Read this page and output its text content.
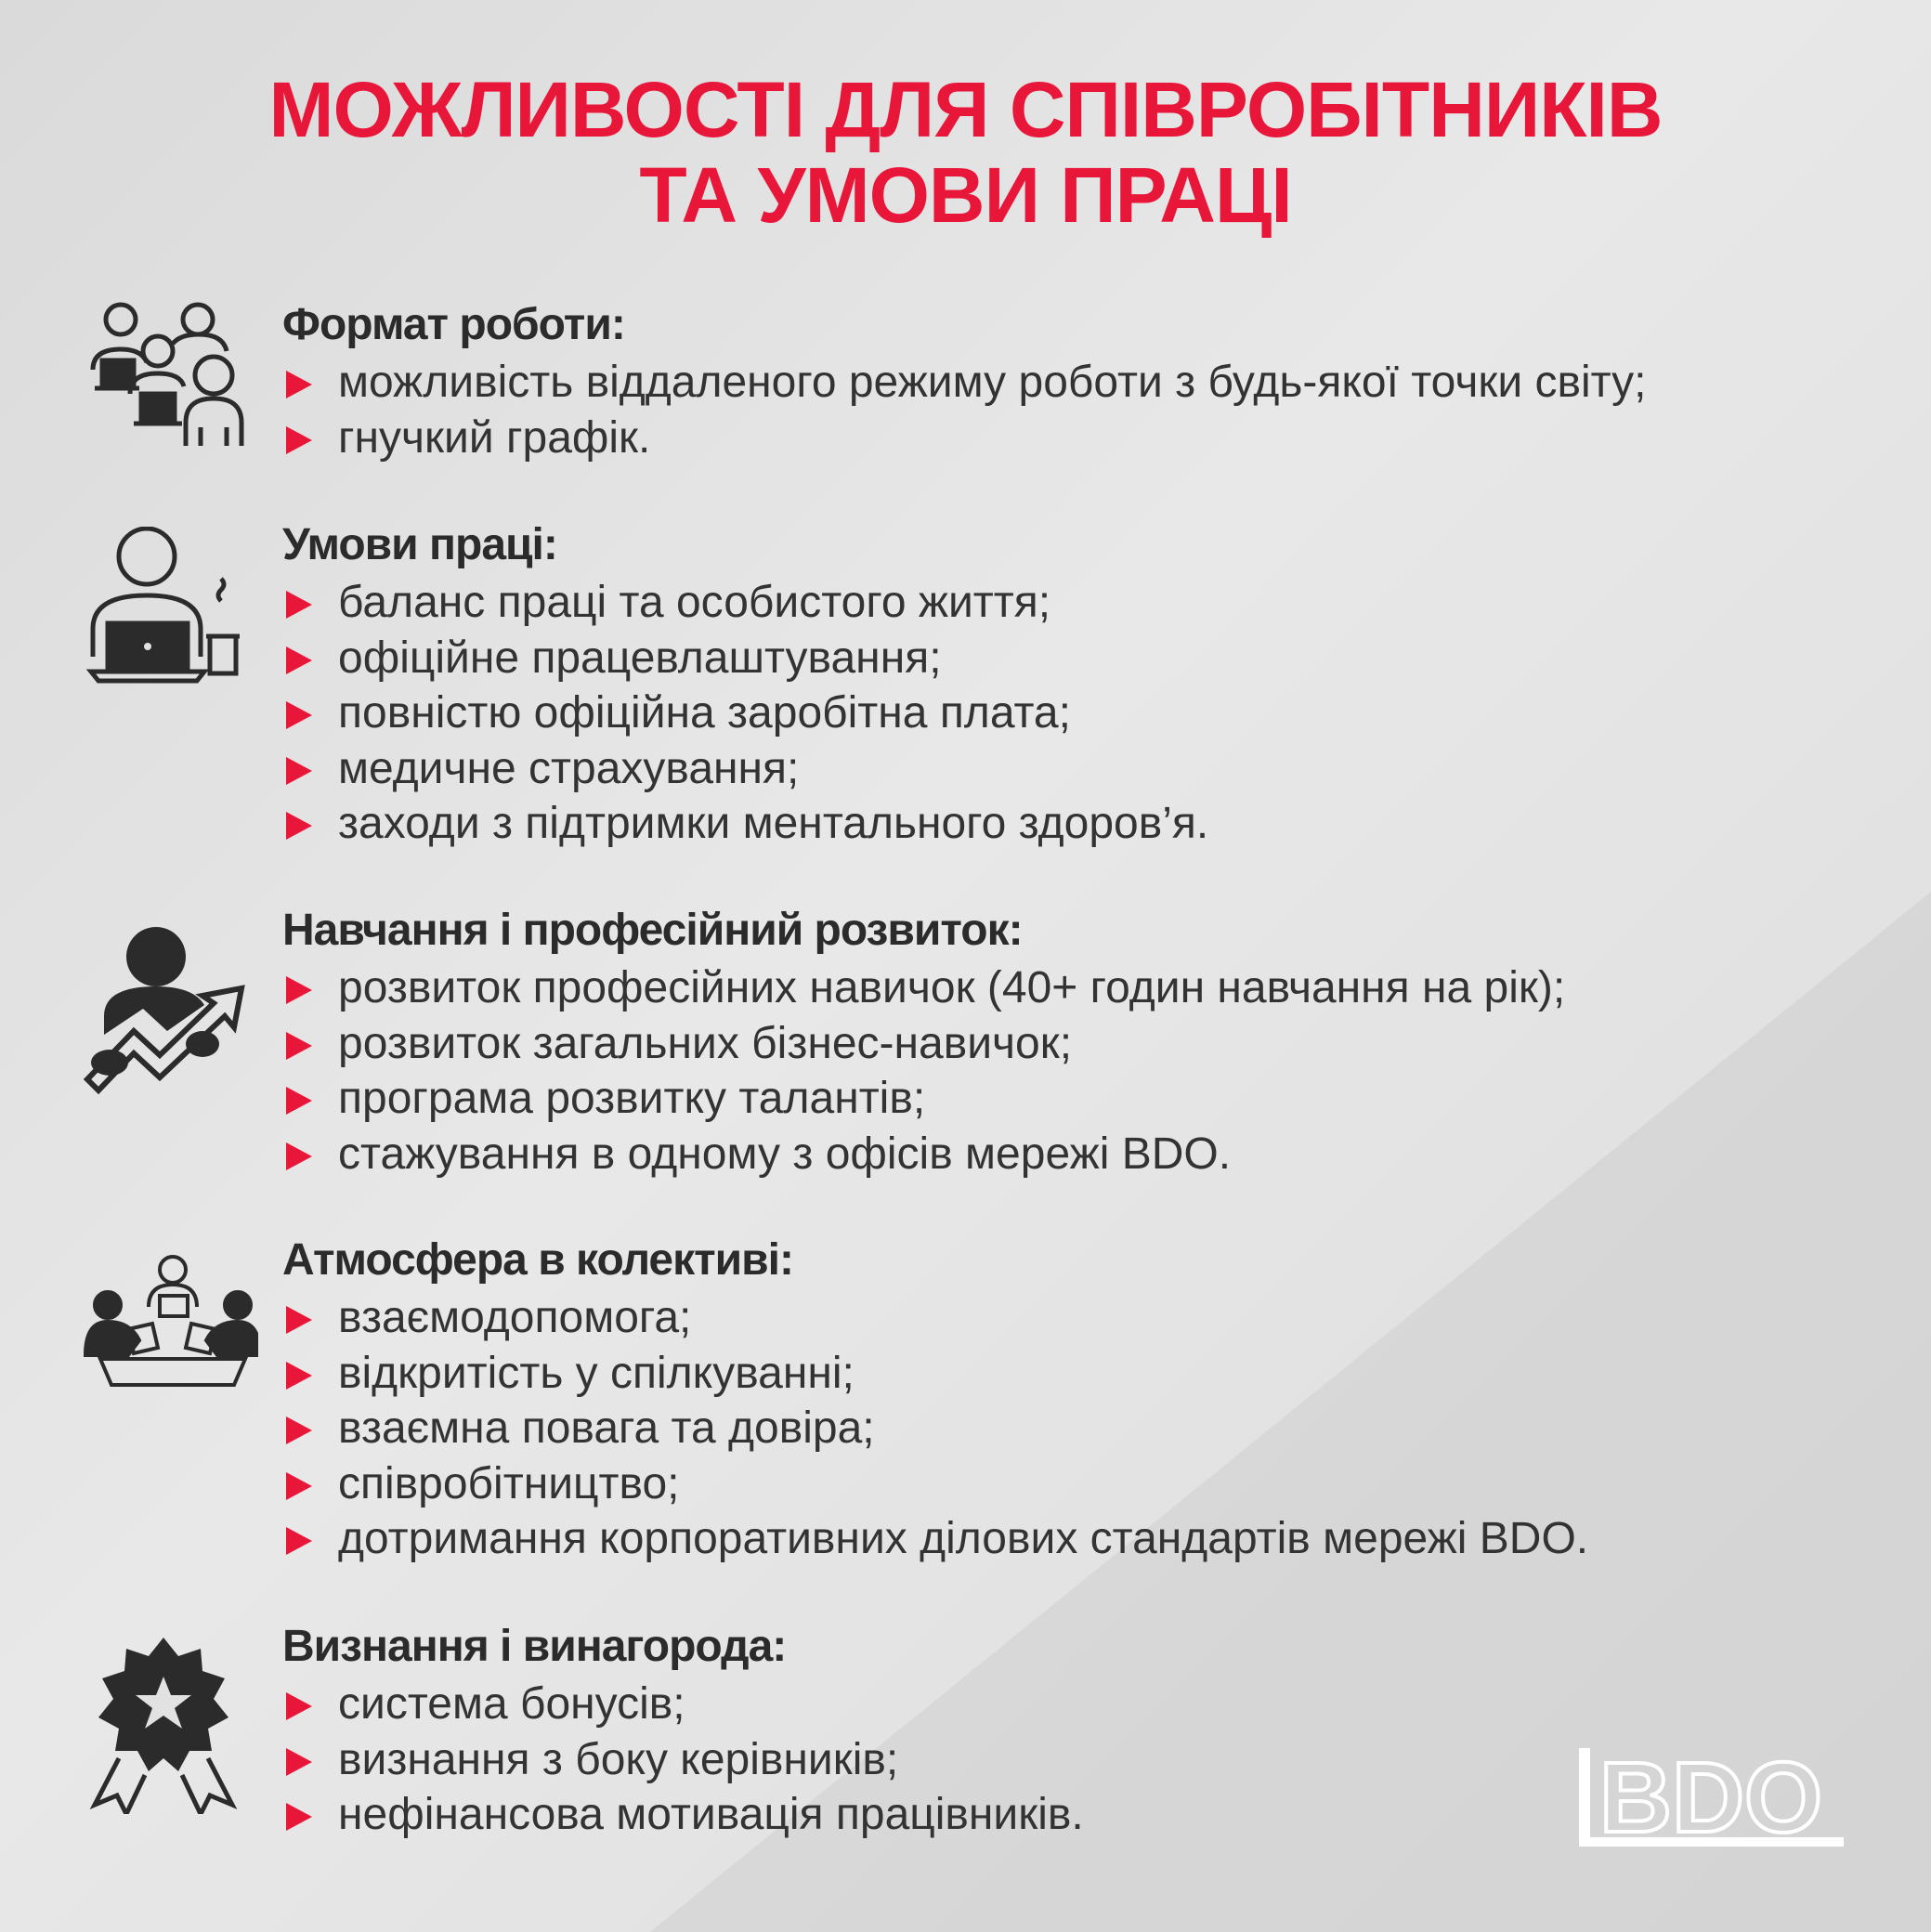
МОЖЛИВОСТІ ДЛЯ СПІВРОБІТНИКІВ
ТА УМОВИ ПРАЦІ
Формат роботи:
можливість віддаленого режиму роботи з будь-якої точки світу;
гнучкий графік.
Умови праці:
баланс праці та особистого життя;
офіційне працевлаштування;
повністю офіційна заробітна плата;
медичне страхування;
заходи з підтримки ментального здоров’я.
Навчання і професійний розвиток:
розвиток професійних навичок (40+ годин навчання на рік);
розвиток загальних бізнес-навичок;
програма розвитку талантів;
стажування в одному з офісів мережі BDO.
Атмосфера в колективі:
взаємодопомога;
відкритість у спілкуванні;
взаємна повага та довіра;
співробітництво;
дотримання корпоративних ділових стандартів мережі BDO.
Визнання і винагорода:
система бонусів;
визнання з боку керівників;
нефінансова мотивація працівників.	BDO
